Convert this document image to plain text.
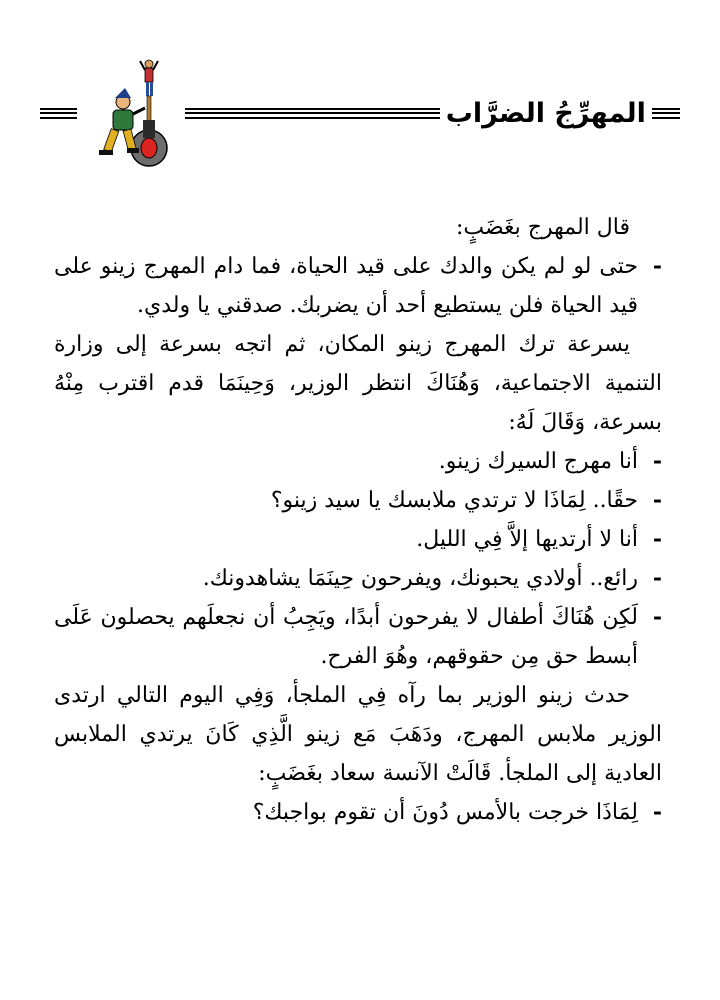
المهرِّجُ الضرَّاب

قال المهرج بغَضَبٍ:

-
حتى لو لم يكن والدك على قيد الحياة، فما دام المهرج زينو على قيد الحياة فلن يستطيع أحد أن يضربك. صدقني يا ولدي.

يسرعة ترك المهرج زينو المكان، ثم اتجه بسرعة إلى وزارة التنمية الاجتماعية، وَهُنَاكَ انتظر الوزير، وَحِينَمَا قدم اقترب مِنْهُ بسرعة، وَقَالَ لَهُ:

-
أنا مهرج السيرك زينو.

-
حقًا.. لِمَاذَا لا ترتدي ملابسك يا سيد زينو؟

-
أنا لا أرتديها إلاَّ فِي الليل.

-
رائع.. أولادي يحبونك، ويفرحون حِينَمَا يشاهدونك.

-
لَكِن هُنَاكَ أطفال لا يفرحون أبدًا، ويَجِبُ أن نجعلَهم يحصلون عَلَى أبسط حق مِن حقوقهم، وهُوَ الفرح.

حدث زينو الوزير بما رآه فِي الملجأ، وَفِي اليوم التالي ارتدى الوزير ملابس المهرج، ودَهَبَ مَع زينو الَّذِي كَانَ يرتدي الملابس العادية إلى الملجأ. قَالَتْ الآنسة سعاد بغَضَبٍ:

-
لِمَاذَا خرجت بالأمس دُونَ أن تقوم بواجبك؟
